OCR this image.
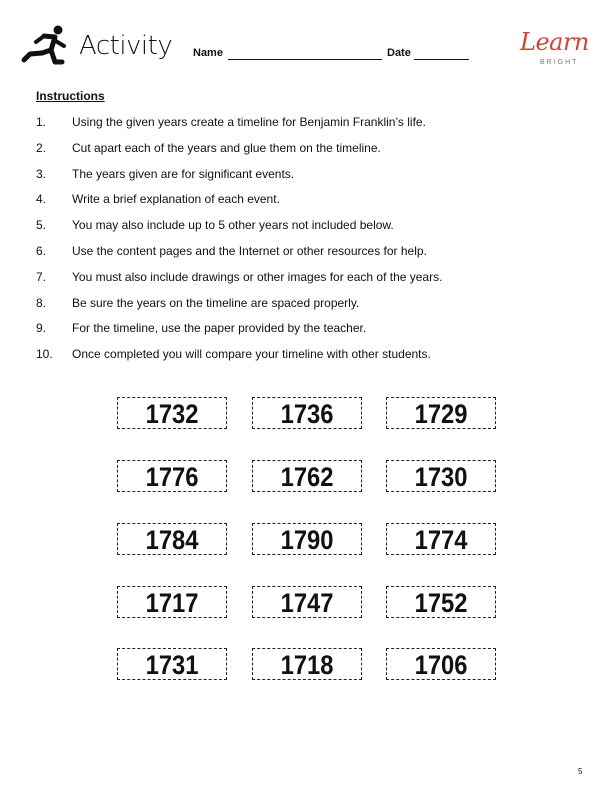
Activity Name	Date	Learn
BRIGHT
Instructions
1. Using the given years create a timeline for Benjamin Franklin’s life.
2. Cut apart each of the years and glue them on the timeline.
3. The years given are for significant events.
4. Write a brief explanation of each event.
5. You may also include up to 5 other years not included below.
6. Use the content pages and the Internet or other resources for help.
7. You must also include drawings or other images for each of the years.
8. Be sure the years on the timeline are spaced properly.
9. For the timeline, use the paper provided by the teacher.
10. Once completed you will compare your timeline with other students.
1732	1736	1729
1776	1762	1730
1784	1790	1774
1717	1747	1752
1731	1718	1706
5
